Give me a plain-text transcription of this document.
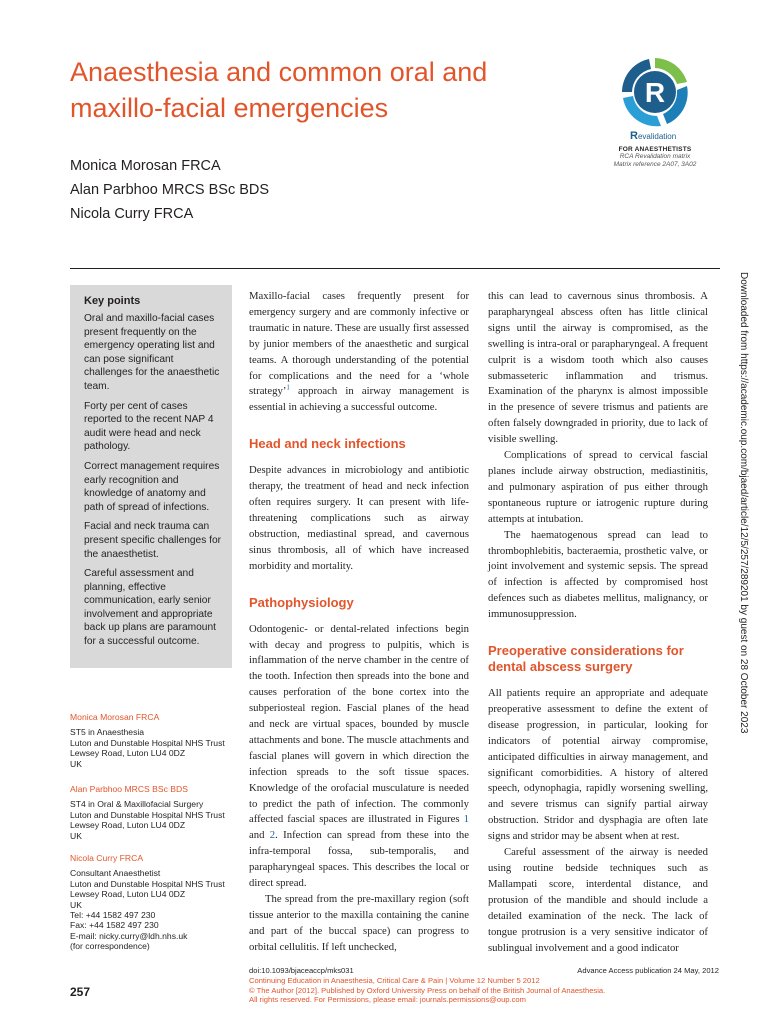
Anaesthesia and common oral and maxillo-facial emergencies
Monica Morosan FRCA
Alan Parbhoo MRCS BSc BDS
Nicola Curry FRCA
R
Revalidation
FOR ANAESTHETISTS
RCA Revalidation matrix
Matrix reference 2A07, 3A02
Key points

Oral and maxillo-facial cases present frequently on the emergency operating list and can pose significant challenges for the anaesthetic team.

Forty per cent of cases reported to the recent NAP 4 audit were head and neck pathology.

Correct management requires early recognition and knowledge of anatomy and path of spread of infections.

Facial and neck trauma can present specific challenges for the anaesthetist.

Careful assessment and planning, effective communication, early senior involvement and appropriate back up plans are paramount for a successful outcome.

Monica Morosan FRCA
ST5 in Anaesthesia
Luton and Dunstable Hospital NHS Trust
Lewsey Road, Luton LU4 0DZ
UK
Alan Parbhoo MRCS BSc BDS
ST4 in Oral & Maxillofacial Surgery
Luton and Dunstable Hospital NHS Trust
Lewsey Road, Luton LU4 0DZ
UK
Nicola Curry FRCA
Consultant Anaesthetist
Luton and Dunstable Hospital NHS Trust
Lewsey Road, Luton LU4 0DZ
UK
Tel: +44 1582 497 230
Fax: +44 1582 497 230
E-mail: nicky.curry@ldh.nhs.uk
(for correspondence)

Maxillo-facial cases frequently present for emergency surgery and are commonly infective or traumatic in nature. These are usually first assessed by junior members of the anaesthetic and surgical teams. A thorough understanding of the potential for complications and the need for a ‘whole strategy’$^1$ approach in airway management is essential in achieving a successful outcome.

Head and neck infections

Despite advances in microbiology and antibiotic therapy, the treatment of head and neck infection often requires surgery. It can present with life-threatening complications such as airway obstruction, mediastinal spread, and cavernous sinus thrombosis, all of which have increased morbidity and mortality.

Pathophysiology

Odontogenic- or dental-related infections begin with decay and progress to pulpitis, which is inflammation of the nerve chamber in the centre of the tooth. Infection then spreads into the bone and causes perforation of the bone cortex into the subperiosteal region. Fascial planes of the head and neck are virtual spaces, bounded by muscle attachments and bone. The muscle attachments and fascial planes will govern in which direction the infection spreads to the soft tissue spaces. Knowledge of the orofacial musculature is needed to predict the path of infection. The commonly affected fascial spaces are illustrated in Figures 1 and 2. Infection can spread from these into the infra-temporal fossa, sub-temporalis, and parapharyngeal spaces. This describes the local or direct spread.

The spread from the pre-maxillary region (soft tissue anterior to the maxilla containing the canine and part of the buccal space) can progress to orbital cellulitis. If left unchecked,

this can lead to cavernous sinus thrombosis. A parapharyngeal abscess often has little clinical signs until the airway is compromised, as the swelling is intra-oral or parapharyngeal. A frequent culprit is a wisdom tooth which also causes submasseteric inflammation and trismus. Examination of the pharynx is almost impossible in the presence of severe trismus and patients are often falsely downgraded in priority, due to lack of visible swelling.

Complications of spread to cervical fascial planes include airway obstruction, mediastinitis, and pulmonary aspiration of pus either through spontaneous rupture or iatrogenic rupture during attempts at intubation.

The haematogenous spread can lead to thrombophlebitis, bacteraemia, prosthetic valve, or joint involvement and systemic sepsis. The spread of infection is affected by compromised host defences such as diabetes mellitus, malignancy, or immunosuppression.

Preoperative considerations for dental abscess surgery

All patients require an appropriate and adequate preoperative assessment to define the extent of disease progression, in particular, looking for indicators of potential airway compromise, anticipated difficulties in airway management, and significant comorbidities. A history of altered speech, odynophagia, rapidly worsening swelling, and severe trismus can signify partial airway obstruction. Stridor and dysphagia are often late signs and stridor may be absent when at rest.

Careful assessment of the airway is needed using routine bedside techniques such as Mallampati score, interdental distance, and protusion of the mandible and should include a detailed examination of the neck. The lack of tongue protrusion is a very sensitive indicator of sublingual involvement and a good indicator

Downloaded from https://academic.oup.com/bjaed/article/12/5/257/289201 by guest on 28 October 2023
257
doi:10.1093/bjaceaccp/mks031	Advance Access publication 24 May, 2012
Continuing Education in Anaesthesia, Critical Care & Pain | Volume 12 Number 5 2012
© The Author [2012]. Published by Oxford University Press on behalf of the British Journal of Anaesthesia.
All rights reserved. For Permissions, please email: journals.permissions@oup.com
